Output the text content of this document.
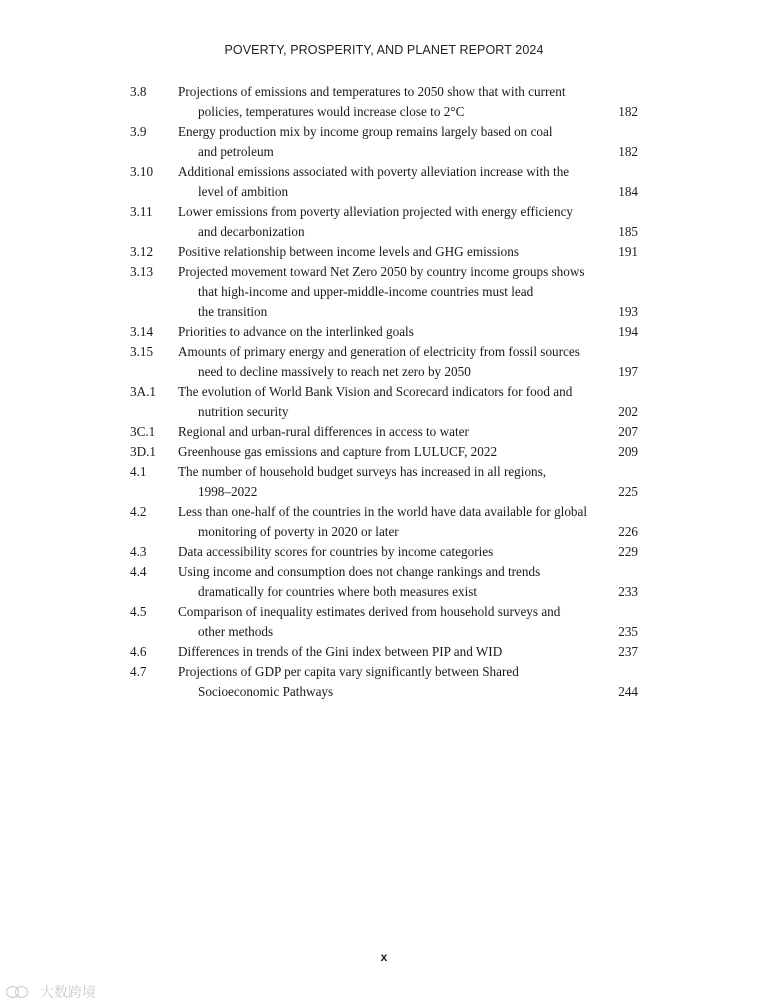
POVERTY, PROSPERITY, AND PLANET REPORT 2024
3.8	Projections of emissions and temperatures to 2050 show that with current
policies, temperatures would increase close to 2°C	182
3.9	Energy production mix by income group remains largely based on coal
and petroleum	182
3.10	Additional emissions associated with poverty alleviation increase with the
level of ambition	184
3.11	Lower emissions from poverty alleviation projected with energy efficiency
and decarbonization	185
3.12	Positive relationship between income levels and GHG emissions	191
3.13	Projected movement toward Net Zero 2050 by country income groups shows
that high-income and upper-middle-income countries must lead
the transition	193
3.14	Priorities to advance on the interlinked goals	194
3.15	Amounts of primary energy and generation of electricity from fossil sources
need to decline massively to reach net zero by 2050	197
3A.1	The evolution of World Bank Vision and Scorecard indicators for food and
nutrition security	202
3C.1	Regional and urban-rural differences in access to water	207
3D.1	Greenhouse gas emissions and capture from LULUCF, 2022	209
4.1	The number of household budget surveys has increased in all regions,
1998–2022	225
4.2	Less than one-half of the countries in the world have data available for global
monitoring of poverty in 2020 or later	226
4.3	Data accessibility scores for countries by income categories	229
4.4	Using income and consumption does not change rankings and trends
dramatically for countries where both measures exist	233
4.5	Comparison of inequality estimates derived from household surveys and
other methods	235
4.6	Differences in trends of the Gini index between PIP and WID	237
4.7	Projections of GDP per capita vary significantly between Shared
Socioeconomic Pathways	244
x
大数跨境
